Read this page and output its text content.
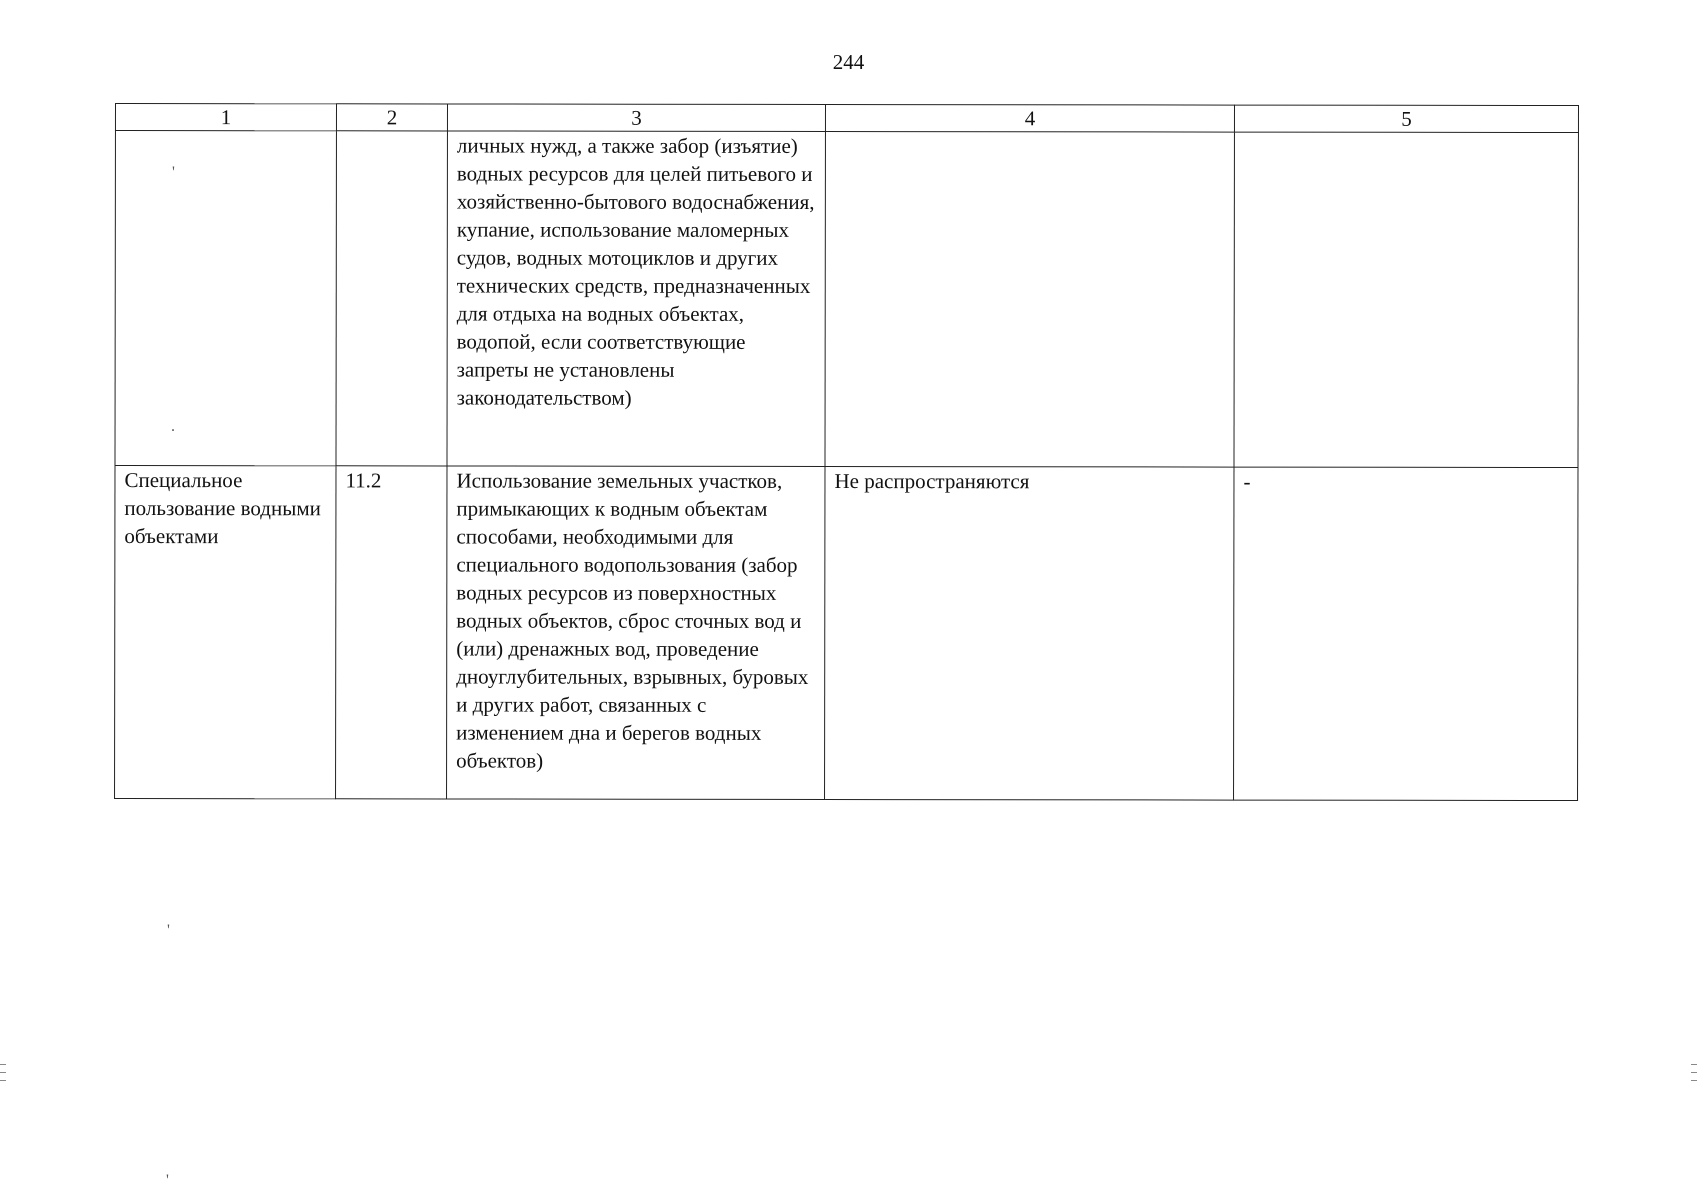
244
1	2	3	4	5
		личных нужд, а также забор (изъятие) водных ресурсов для целей питьевого и хозяйственно-бытового водоснабжения, купание, использование маломерных судов, водных мотоциклов и других технических средств, предназначенных для отдыха на водных объектах, водопой, если соответствующие запреты не установлены законодательством)		
Специальное пользование водными объектами	11.2	Использование земельных участков, примыкающих к водным объектам способами, необходимыми для специального водопользования (забор водных ресурсов из поверхностных водных объектов, сброс сточных вод и (или) дренажных вод, проведение дноуглубительных, взрывных, буровых и других работ, связанных с изменением дна и берегов водных объектов)	Не распространяются	-
'
.
'
'
